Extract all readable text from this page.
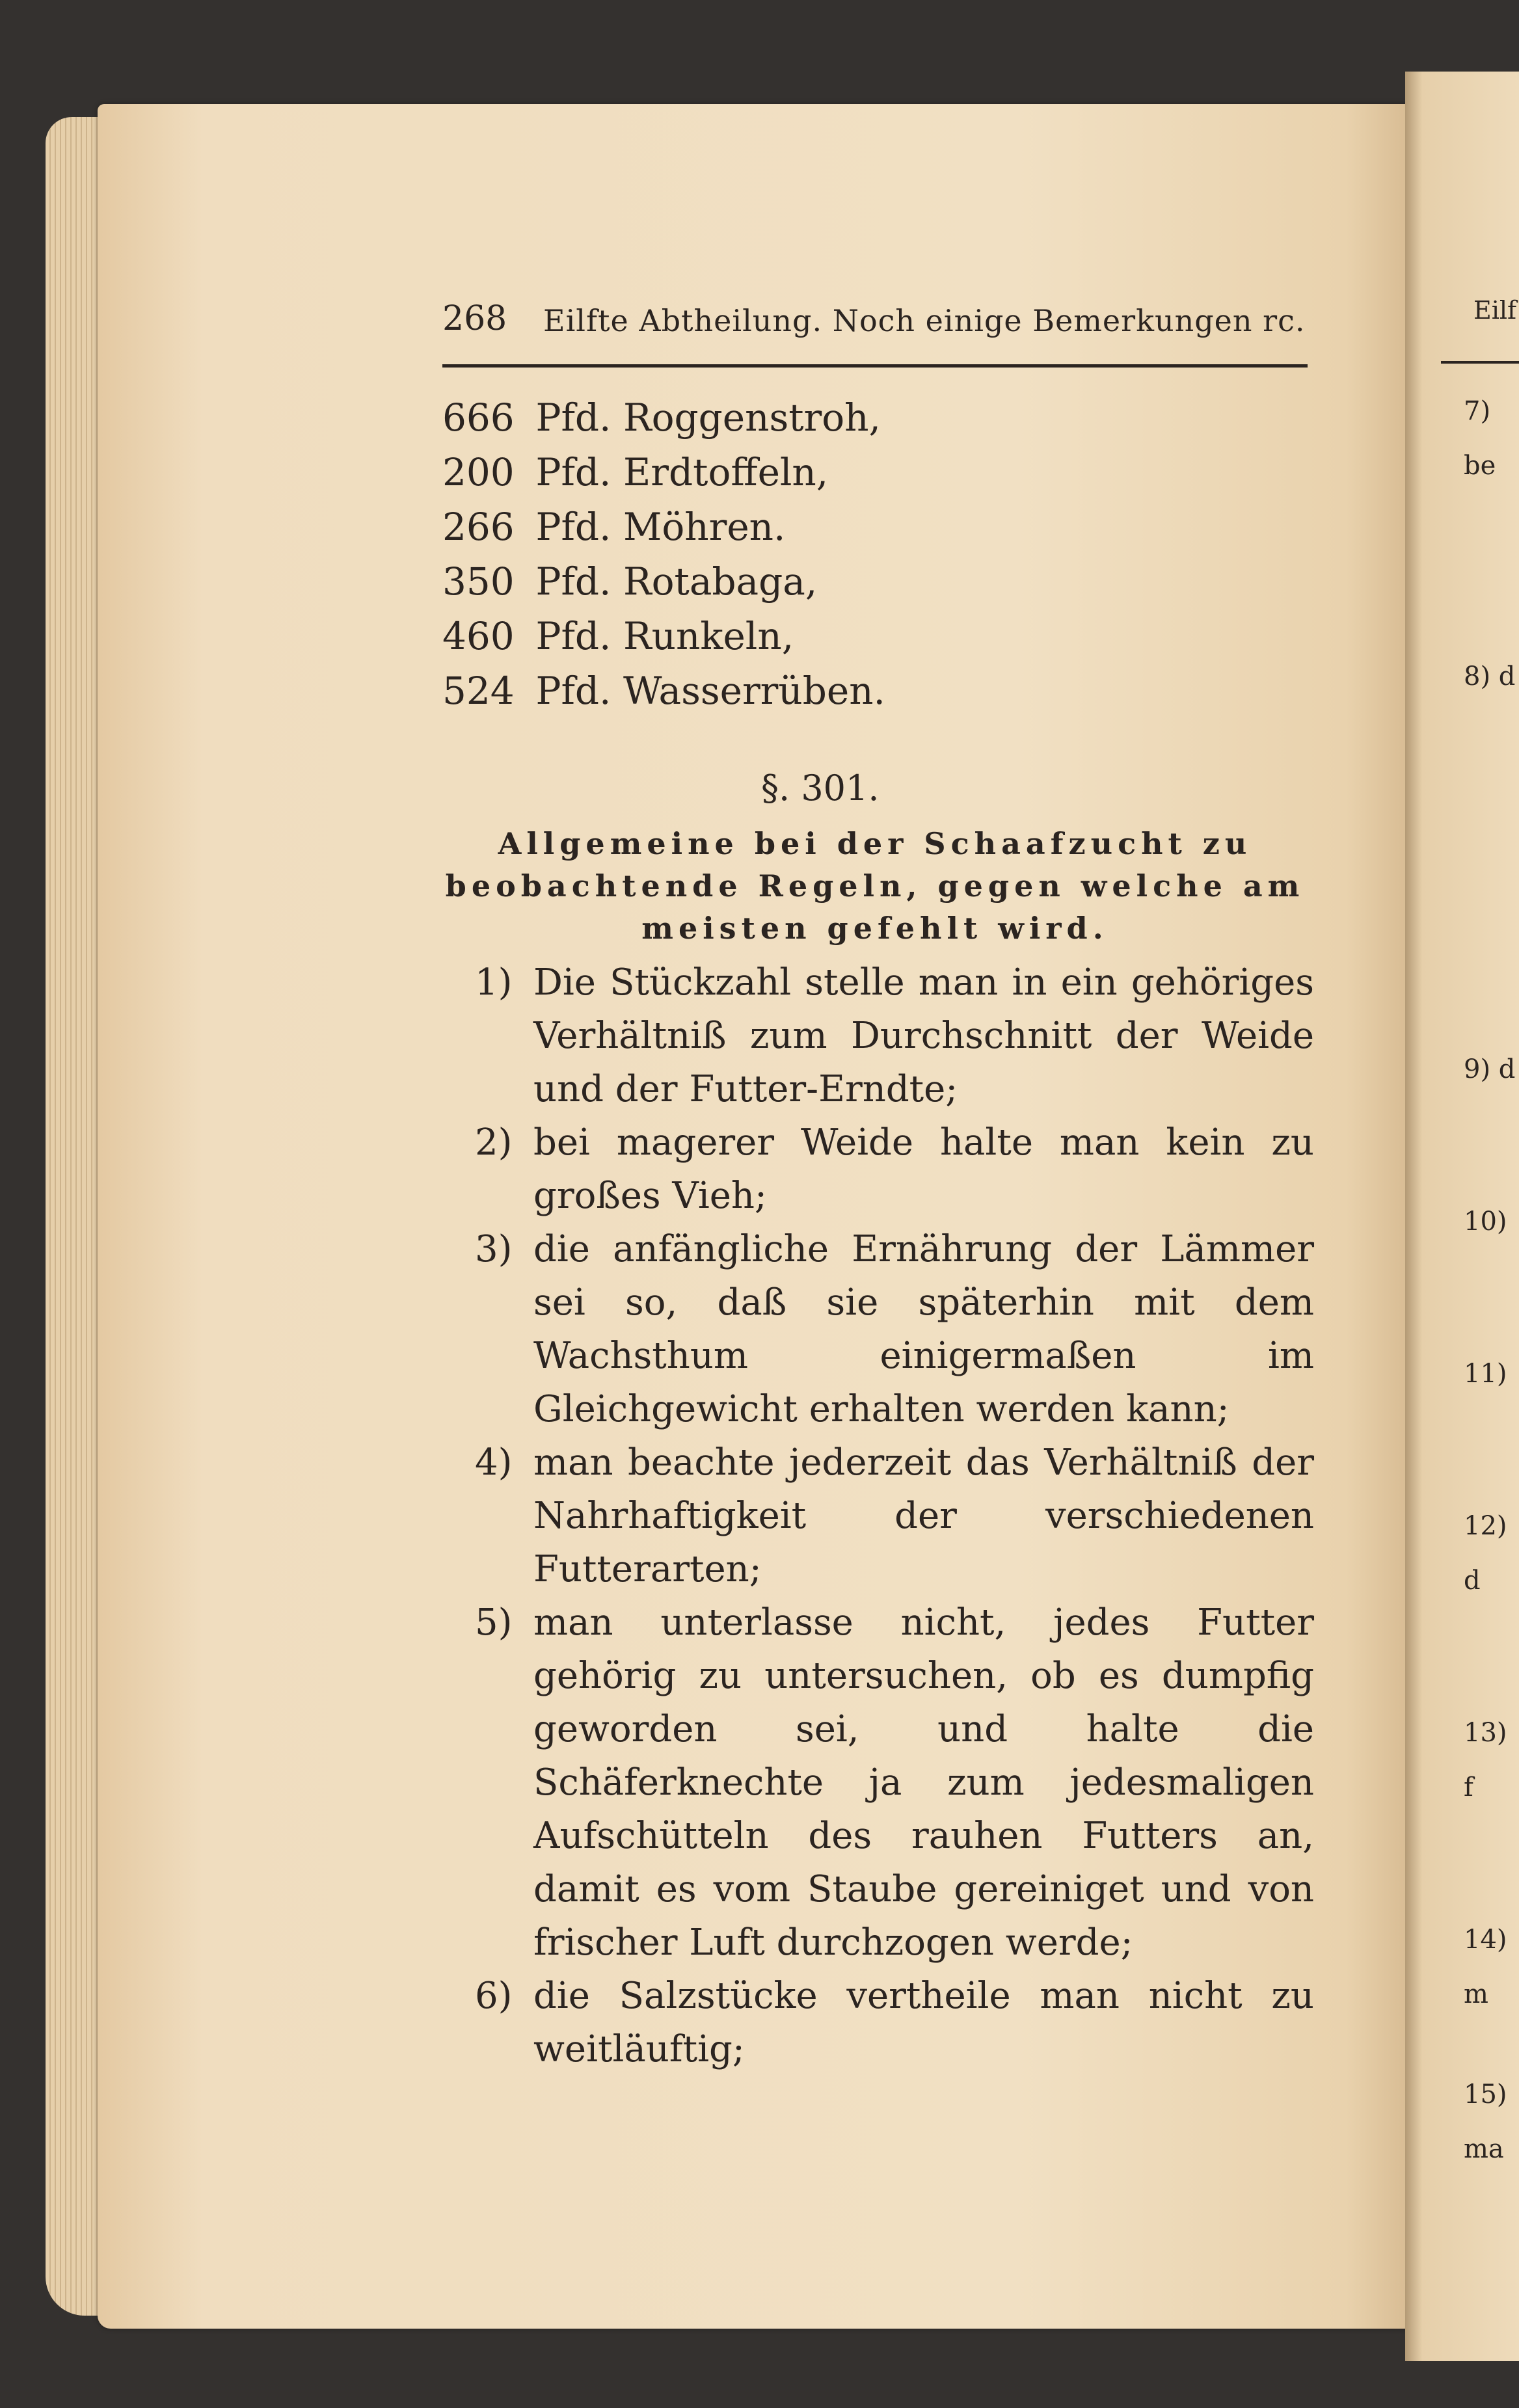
268 Eilfte Abtheilung. Noch einige Bemerkungen rc.
666 Pfd. Roggenstroh,
200 Pfd. Erdtoffeln,
266 Pfd. Möhren.
350 Pfd. Rotabaga,
460 Pfd. Runkeln,
524 Pfd. Wasserrüben.
§. 301.
Allgemeine bei der Schaafzucht zu beobachtende Regeln, gegen welche am meisten gefehlt wird.
1) Die Stückzahl stelle man in ein gehöriges Verhältniß zum Durchschnitt der Weide und der Futter-Erndte;
2) bei magerer Weide halte man kein zu großes Vieh;
3) die anfängliche Ernährung der Lämmer sei so, daß sie späterhin mit dem Wachsthum einigermaßen im Gleichgewicht erhalten werden kann;
4) man beachte jederzeit das Verhältniß der Nahrhaftigkeit der verschiedenen Futterarten;
5) man unterlasse nicht, jedes Futter gehörig zu untersuchen, ob es dumpfig geworden sei, und halte die Schäferknechte ja zum jedesmaligen Aufschütteln des rauhen Futters an, damit es vom Staube gereiniget und von frischer Luft durchzogen werde;
6) die Salzstücke vertheile man nicht zu weitläuftig;
Eilf
7) be
8) d
9) d
10)
11)
12) d
13) f
14) m
15) ma
